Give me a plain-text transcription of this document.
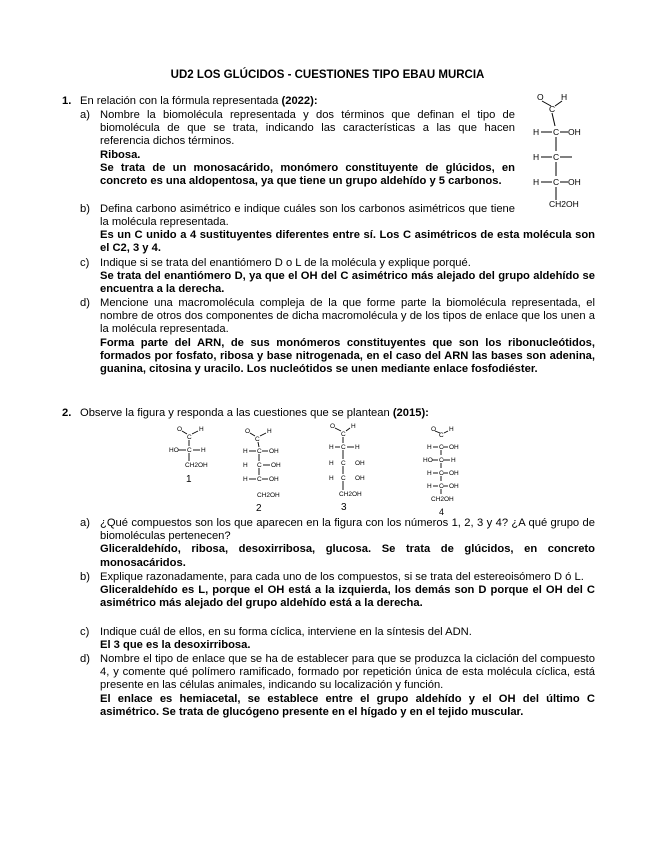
UD2 LOS GLÚCIDOS - CUESTIONES TIPO EBAU MURCIA
1. En relación con la fórmula representada (2022):
a) Nombre la biomolécula representada y dos términos que definan el tipo de biomolécula de que se trata, indicando las características a las que hacen referencia dichos términos.

Ribosa.

Se trata de un monosacárido, monómero constituyente de glúcidos, en concreto es una aldopentosa, ya que tiene un grupo aldehído y 5 carbonos.

b) Defina carbono asimétrico e indique cuáles son los carbonos asimétricos que tiene la molécula representada.

Es un C unido a 4 sustituyentes diferentes entre sí. Los C asimétricos de esta molécula son el C2, 3 y 4.

c) Indique si se trata del enantiómero D o L de la molécula y explique porqué.

Se trata del enantiómero D, ya que el OH del C asimétrico más alejado del grupo aldehído se encuentra a la derecha.

d) Mencione una macromolécula compleja de la que forme parte la biomolécula representada, el nombre de otros dos componentes de dicha macromolécula y de los tipos de enlace que los unen a la molécula representada.

Forma parte del ARN, de sus monómeros constituyentes que son los ribonucleótidos, formados por fosfato, ribosa y base nitrogenada, en el caso del ARN las bases son adenina, guanina, citosina y uracilo. Los nucleótidos se unen mediante enlace fosfodiéster.

O H
C
H C OH
H C
H C OH
CH2OH
2. Observe la figura y responda a las cuestiones que se plantean (2015):
O	H
C
HO C H
CH2OH
1
O	H
C
H C OH
H C OH
H C OH
CH2OH
2
O H
C
H C H
H C OH
H C OH
CH2OH
3
O H
C
H C OH
HO C H
H C OH
H C OH
CH2OH
4
a) ¿Qué compuestos son los que aparecen en la figura con los números 1, 2, 3 y 4? ¿A qué grupo de biomoléculas pertenecen?

Gliceraldehído, ribosa, desoxirribosa, glucosa. Se trata de glúcidos, en concreto monosacáridos.

b) Explique razonadamente, para cada uno de los compuestos, si se trata del estereoisómero D ó L.

Gliceraldehído es L, porque el OH está a la izquierda, los demás son D porque el OH del C asimétrico más alejado del grupo aldehído está a la derecha.

c) Indique cuál de ellos, en su forma cíclica, interviene en la síntesis del ADN.

El 3 que es la desoxirribosa.

d) Nombre el tipo de enlace que se ha de establecer para que se produzca la ciclación del compuesto 4, y comente qué polímero ramificado, formado por repetición única de esta molécula cíclica, está presente en las células animales, indicando su localización y función.

El enlace es hemiacetal, se establece entre el grupo aldehído y el OH del último C asimétrico. Se trata de glucógeno presente en el hígado y en el tejido muscular.
